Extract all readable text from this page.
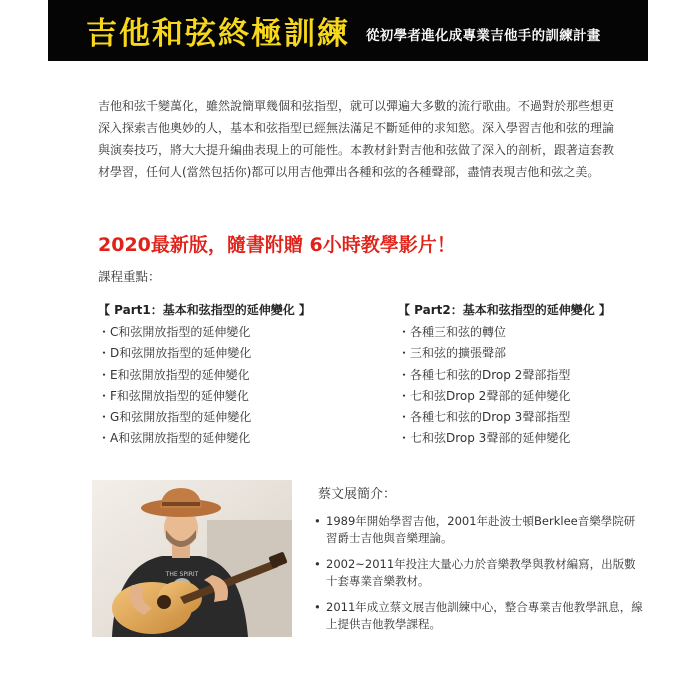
吉他和弦終極訓練 從初學者進化成專業吉他手的訓練計畫

吉他和弦千變萬化，雖然說簡單幾個和弦指型，就可以彈遍大多數的流行歌曲。不過對於那些想更深入探索吉他奧妙的人，基本和弦指型已經無法滿足不斷延伸的求知慾。深入學習吉他和弦的理論與演奏技巧，將大大提升編曲表現上的可能性。本教材針對吉他和弦做了深入的剖析，跟著這套教材學習，任何人(當然包括你)都可以用吉他彈出各種和弦的各種聲部，盡情表現吉他和弦之美。

2020最新版，隨書附贈 6小時教學影片！
課程重點：
【 Part1：基本和弦指型的延伸變化 】
・C和弦開放指型的延伸變化
・D和弦開放指型的延伸變化
・E和弦開放指型的延伸變化
・F和弦開放指型的延伸變化
・G和弦開放指型的延伸變化
・A和弦開放指型的延伸變化
【 Part2：基本和弦指型的延伸變化 】
・各種三和弦的轉位
・三和弦的擴張聲部
・各種七和弦的Drop 2聲部指型
・七和弦Drop 2聲部的延伸變化
・各種七和弦的Drop 3聲部指型
・七和弦Drop 3聲部的延伸變化
THE SPIRIT
蔡文展簡介：
• 1989年開始學習吉他，2001年赴波士頓Berklee音樂學院研習爵士吉他與音樂理論。
• 2002~2011年投注大量心力於音樂教學與教材編寫，出版數十套專業音樂教材。
• 2011年成立蔡文展吉他訓練中心，整合專業吉他教學訊息，線上提供吉他教學課程。
